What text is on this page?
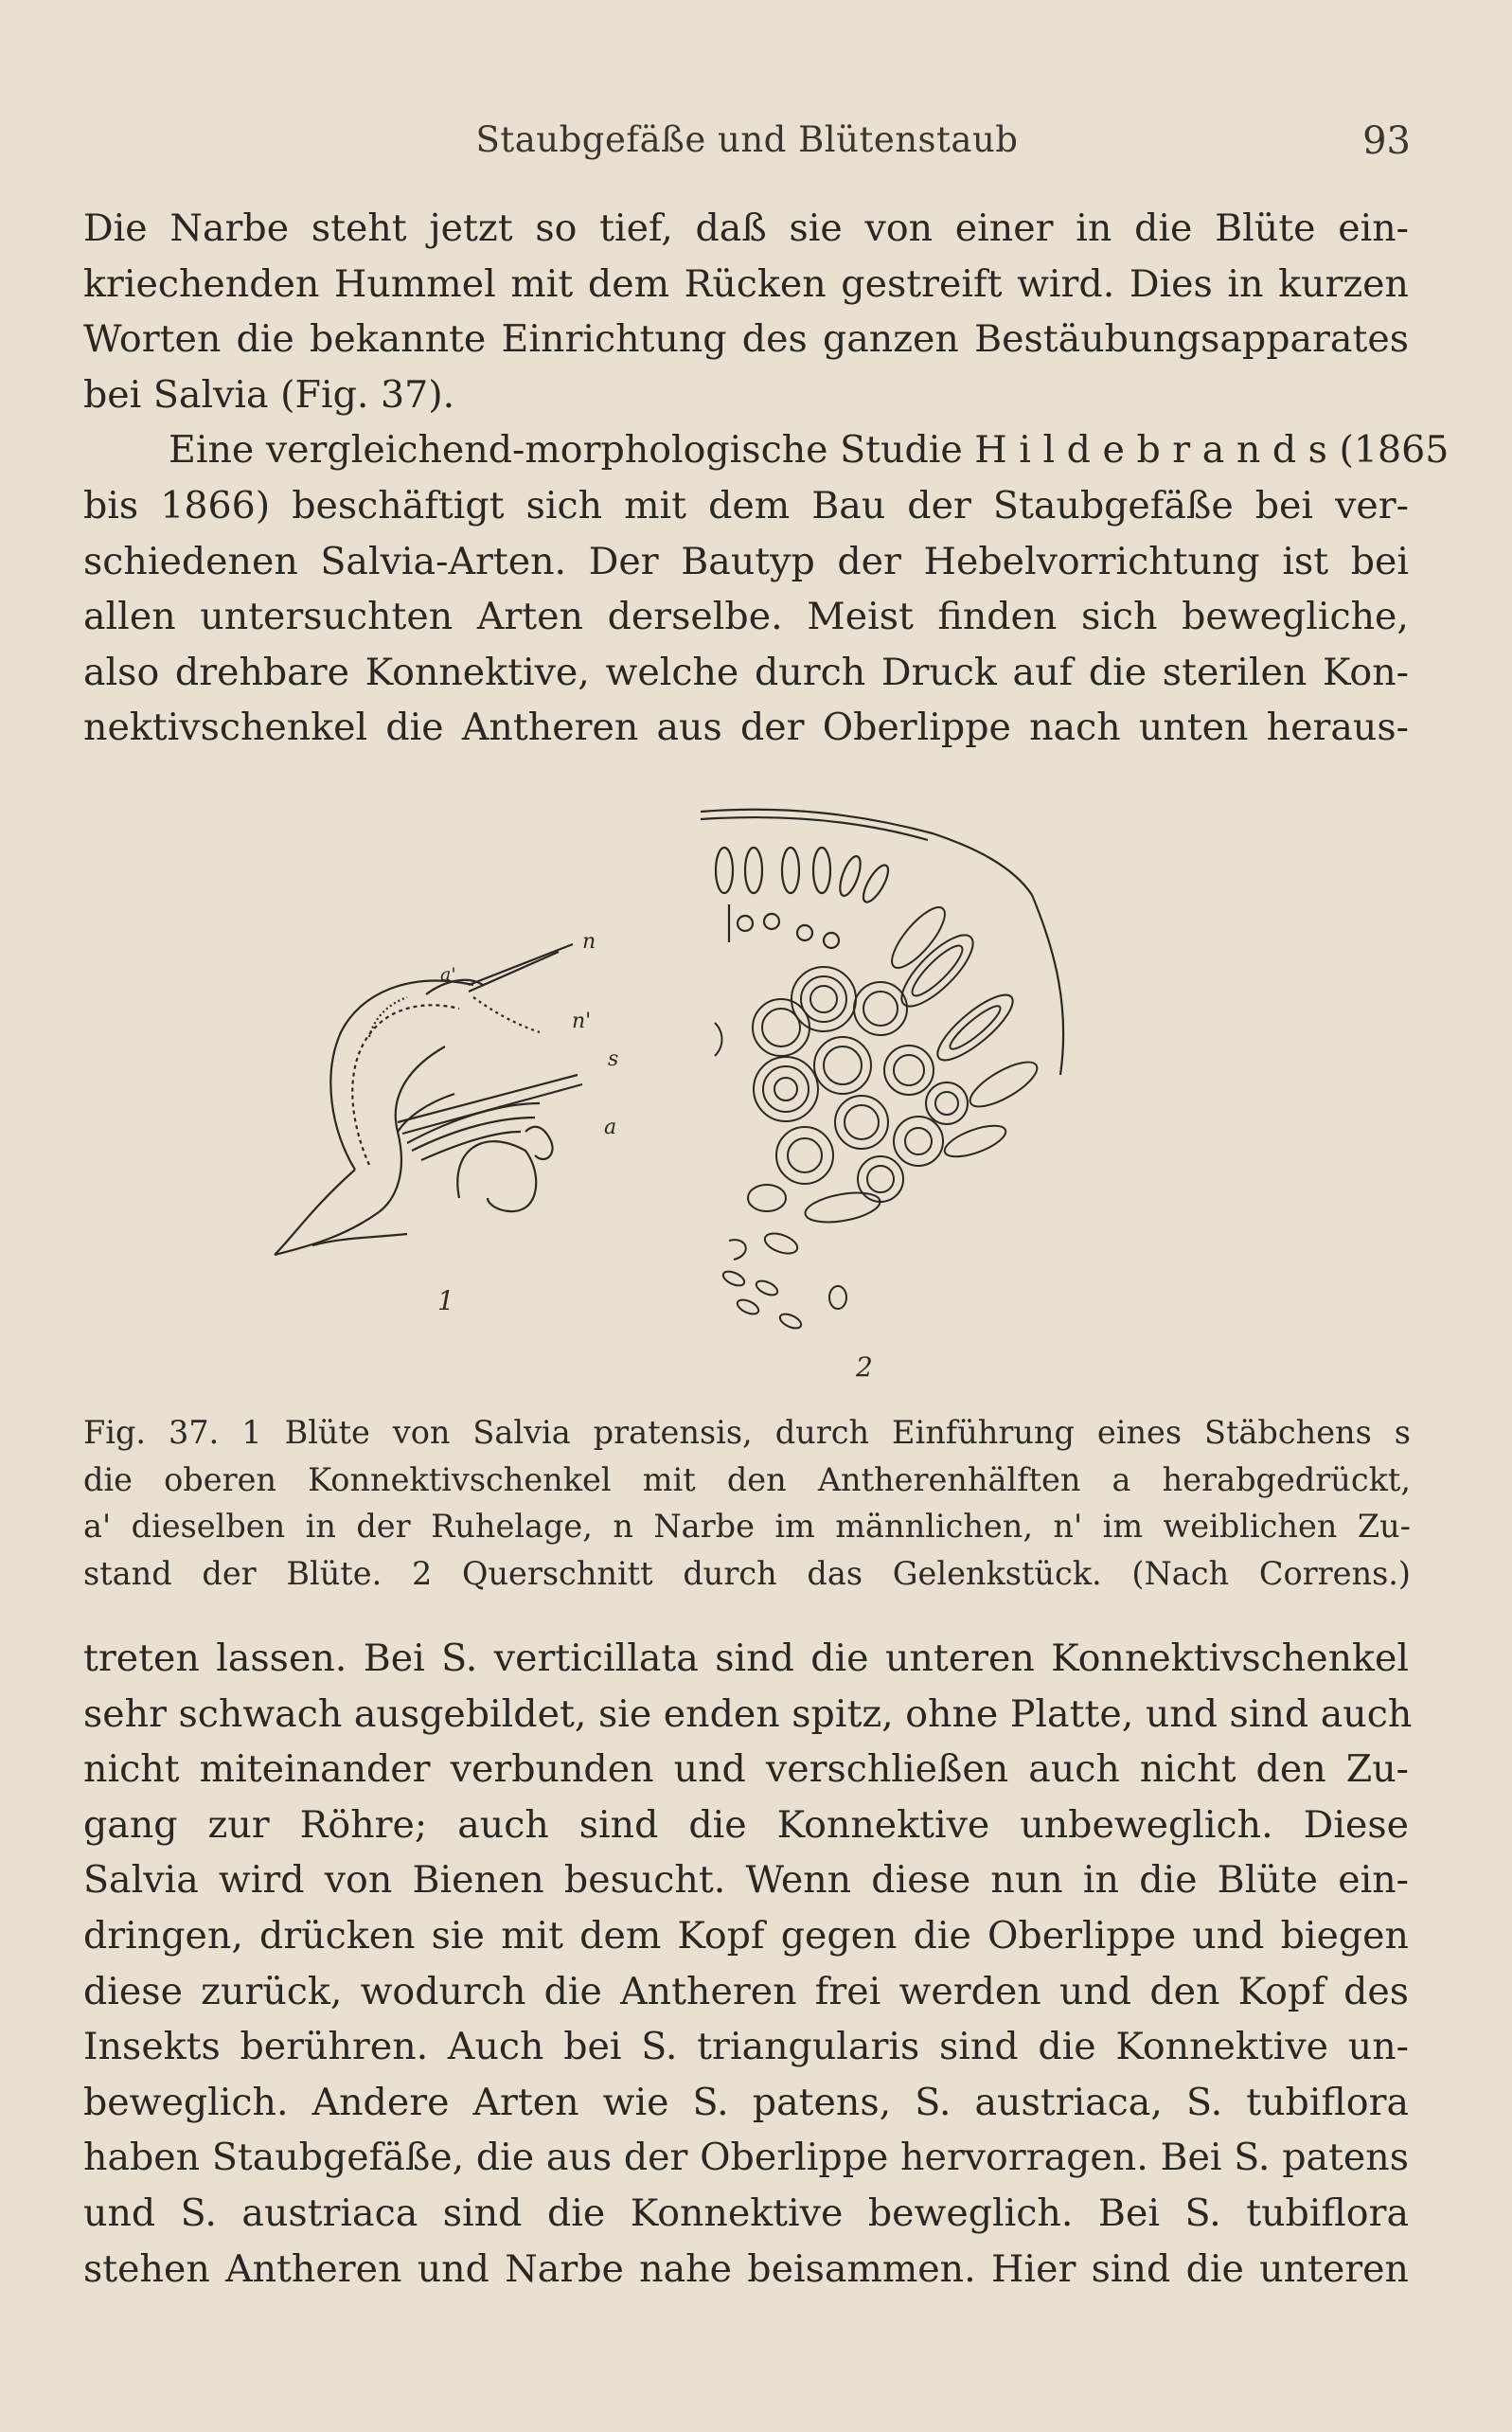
Staubgefäße und Blütenstaub	93
Die Narbe steht jetzt so tief, daß sie von einer in die Blüte ein-
kriechenden Hummel mit dem Rücken gestreift wird. Dies in kurzen
Worten die bekannte Einrichtung des ganzen Bestäubungsapparates
bei Salvia (Fig. 37).
Eine vergleichend-morphologische Studie H i l d e b r a n d s (1865
bis 1866) beschäftigt sich mit dem Bau der Staubgefäße bei ver-
schiedenen Salvia-Arten. Der Bautyp der Hebelvorrichtung ist bei
allen untersuchten Arten derselbe. Meist finden sich bewegliche,
also drehbare Konnektive, welche durch Druck auf die sterilen Kon-
nektivschenkel die Antheren aus der Oberlippe nach unten heraus-
n
n'
s
a
a'
1
2
Fig. 37. 1 Blüte von Salvia pratensis, durch Einführung eines Stäbchens s
die oberen Konnektivschenkel mit den Antherenhälften a herabgedrückt,
a' dieselben in der Ruhelage, n Narbe im männlichen, n' im weiblichen Zu-
stand der Blüte. 2 Querschnitt durch das Gelenkstück. (Nach Correns.)
treten lassen. Bei S. verticillata sind die unteren Konnektivschenkel
sehr schwach ausgebildet, sie enden spitz, ohne Platte, und sind auch
nicht miteinander verbunden und verschließen auch nicht den Zu-
gang zur Röhre; auch sind die Konnektive unbeweglich. Diese
Salvia wird von Bienen besucht. Wenn diese nun in die Blüte ein-
dringen, drücken sie mit dem Kopf gegen die Oberlippe und biegen
diese zurück, wodurch die Antheren frei werden und den Kopf des
Insekts berühren. Auch bei S. triangularis sind die Konnektive un-
beweglich. Andere Arten wie S. patens, S. austriaca, S. tubiflora
haben Staubgefäße, die aus der Oberlippe hervorragen. Bei S. patens
und S. austriaca sind die Konnektive beweglich. Bei S. tubiflora
stehen Antheren und Narbe nahe beisammen. Hier sind die unteren
